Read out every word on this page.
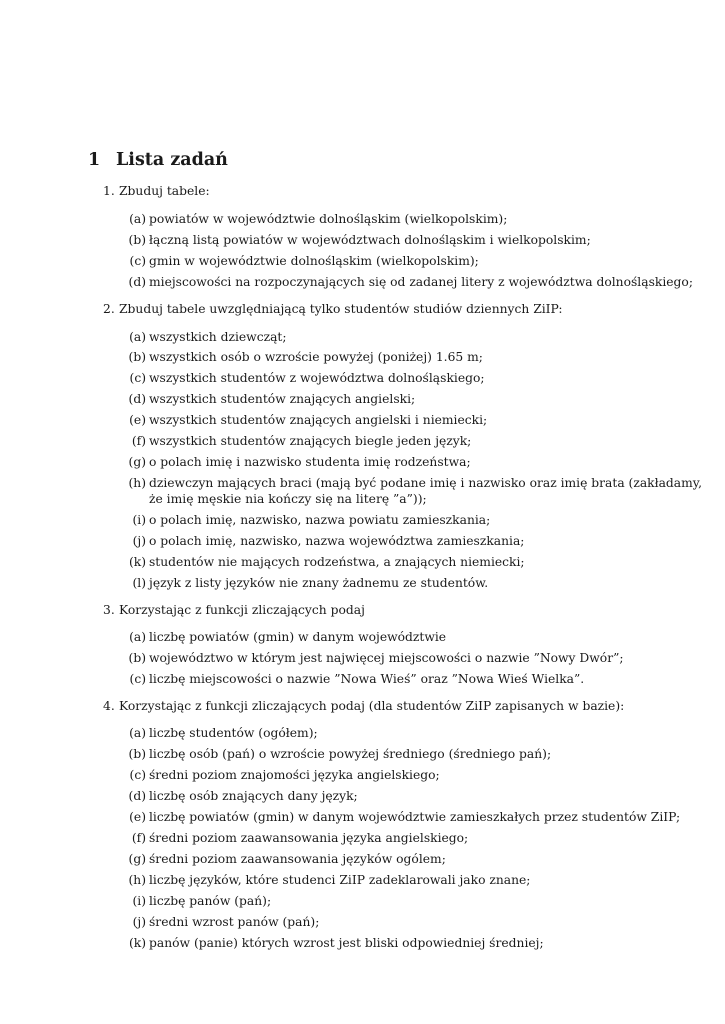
1 Lista zadań
1. Zbuduj tabele:
(a) powiatów w województwie dolnośląskim (wielkopolskim);
(b) łączną listą powiatów w województwach dolnośląskim i wielkopolskim;
(c) gmin w województwie dolnośląskim (wielkopolskim);
(d) miejscowości na rozpoczynających się od zadanej litery z województwa dolnośląskiego;
2. Zbuduj tabele uwzględniającą tylko studentów studiów dziennych ZiIP:
(a) wszystkich dziewcząt;
(b) wszystkich osób o wzroście powyżej (poniżej) 1.65 m;
(c) wszystkich studentów z województwa dolnośląskiego;
(d) wszystkich studentów znających angielski;
(e) wszystkich studentów znających angielski i niemiecki;
(f) wszystkich studentów znających biegle jeden język;
(g) o polach imię i nazwisko studenta imię rodzeństwa;
(h) dziewczyn mających braci (mają być podane imię i nazwisko oraz imię brata (zakładamy,
że imię męskie nia kończy się na literę ”a”));
(i) o polach imię, nazwisko, nazwa powiatu zamieszkania;
(j) o polach imię, nazwisko, nazwa województwa zamieszkania;
(k) studentów nie mających rodzeństwa, a znających niemiecki;
(l) język z listy języków nie znany żadnemu ze studentów.
3. Korzystając z funkcji zliczających podaj
(a) liczbę powiatów (gmin) w danym województwie
(b) województwo w którym jest najwięcej miejscowości o nazwie ”Nowy Dwór”;
(c) liczbę miejscowości o nazwie ”Nowa Wieś” oraz ”Nowa Wieś Wielka”.
4. Korzystając z funkcji zliczających podaj (dla studentów ZiIP zapisanych w bazie):
(a) liczbę studentów (ogółem);
(b) liczbę osób (pań) o wzroście powyżej średniego (średniego pań);
(c) średni poziom znajomości języka angielskiego;
(d) liczbę osób znających dany język;
(e) liczbę powiatów (gmin) w danym województwie zamieszkałych przez studentów ZiIP;
(f) średni poziom zaawansowania języka angielskiego;
(g) średni poziom zaawansowania języków ogólem;
(h) liczbę języków, które studenci ZiIP zadeklarowali jako znane;
(i) liczbę panów (pań);
(j) średni wzrost panów (pań);
(k) panów (panie) których wzrost jest bliski odpowiedniej średniej;
